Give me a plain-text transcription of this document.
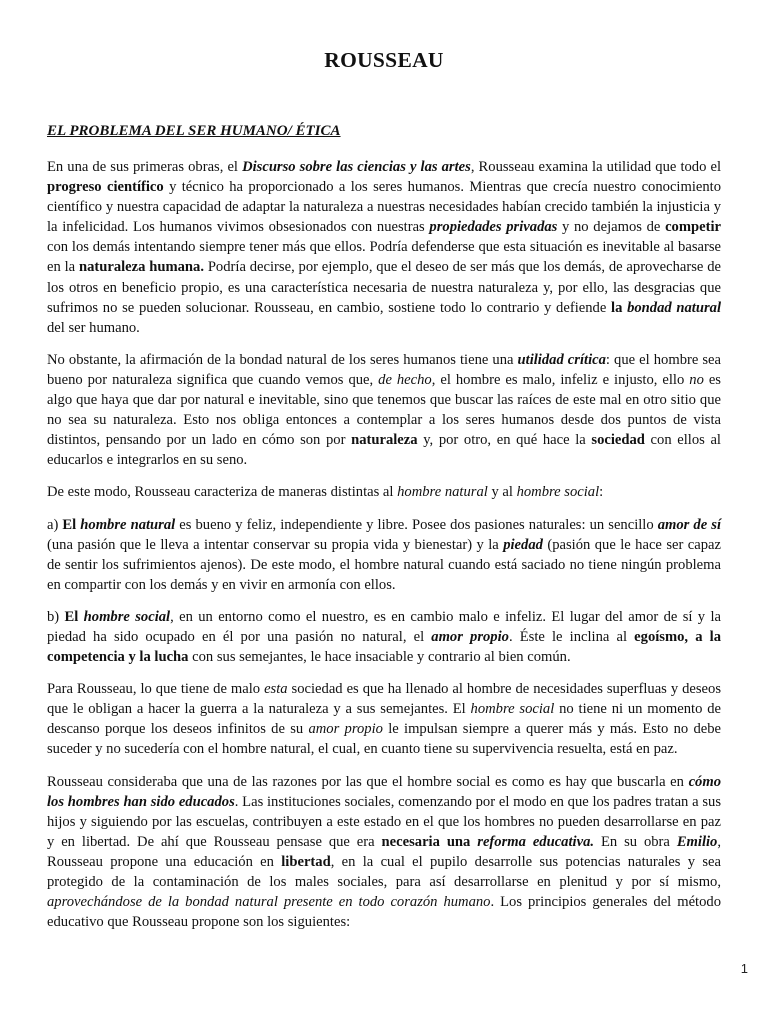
ROUSSEAU
EL PROBLEMA DEL SER HUMANO/ ÉTICA

En una de sus primeras obras, el Discurso sobre las ciencias y las artes, Rousseau examina la utilidad que todo el progreso científico y técnico ha proporcionado a los seres humanos. Mientras que crecía nuestro conocimiento científico y nuestra capacidad de adaptar la naturaleza a nuestras necesidades habían crecido también la injusticia y la infelicidad. Los humanos vivimos obsesionados con nuestras propiedades privadas y no dejamos de competir con los demás intentando siempre tener más que ellos. Podría defenderse que esta situación es inevitable al basarse en la naturaleza humana. Podría decirse, por ejemplo, que el deseo de ser más que los demás, de aprovecharse de los otros en beneficio propio, es una característica necesaria de nuestra naturaleza y, por ello, las desgracias que sufrimos no se pueden solucionar. Rousseau, en cambio, sostiene todo lo contrario y defiende la bondad natural del ser humano.

No obstante, la afirmación de la bondad natural de los seres humanos tiene una utilidad crítica: que el hombre sea bueno por naturaleza significa que cuando vemos que, de hecho, el hombre es malo, infeliz e injusto, ello no es algo que haya que dar por natural e inevitable, sino que tenemos que buscar las raíces de este mal en otro sitio que no sea su naturaleza. Esto nos obliga entonces a contemplar a los seres humanos desde dos puntos de vista distintos, pensando por un lado en cómo son por naturaleza y, por otro, en qué hace la sociedad con ellos al educarlos e integrarlos en su seno.

De este modo, Rousseau caracteriza de maneras distintas al hombre natural y al hombre social:

a) El hombre natural es bueno y feliz, independiente y libre. Posee dos pasiones naturales: un sencillo amor de sí (una pasión que le lleva a intentar conservar su propia vida y bienestar) y la piedad (pasión que le hace ser capaz de sentir los sufrimientos ajenos). De este modo, el hombre natural cuando está saciado no tiene ningún problema en compartir con los demás y en vivir en armonía con ellos.

b) El hombre social, en un entorno como el nuestro, es en cambio malo e infeliz. El lugar del amor de sí y la piedad ha sido ocupado en él por una pasión no natural, el amor propio. Éste le inclina al egoísmo, a la competencia y la lucha con sus semejantes, le hace insaciable y contrario al bien común.

Para Rousseau, lo que tiene de malo esta sociedad es que ha llenado al hombre de necesidades superfluas y deseos que le obligan a hacer la guerra a la naturaleza y a sus semejantes. El hombre social no tiene ni un momento de descanso porque los deseos infinitos de su amor propio le impulsan siempre a querer más y más. Esto no debe suceder y no sucedería con el hombre natural, el cual, en cuanto tiene su supervivencia resuelta, está en paz.

Rousseau consideraba que una de las razones por las que el hombre social es como es hay que buscarla en cómo los hombres han sido educados. Las instituciones sociales, comenzando por el modo en que los padres tratan a sus hijos y siguiendo por las escuelas, contribuyen a este estado en el que los hombres no pueden desarrollarse en paz y en libertad. De ahí que Rousseau pensase que era necesaria una reforma educativa. En su obra Emilio, Rousseau propone una educación en libertad, en la cual el pupilo desarrolle sus potencias naturales y sea protegido de la contaminación de los males sociales, para así desarrollarse en plenitud y por sí mismo, aprovechándose de la bondad natural presente en todo corazón humano. Los principios generales del método educativo que Rousseau propone son los siguientes:

1
